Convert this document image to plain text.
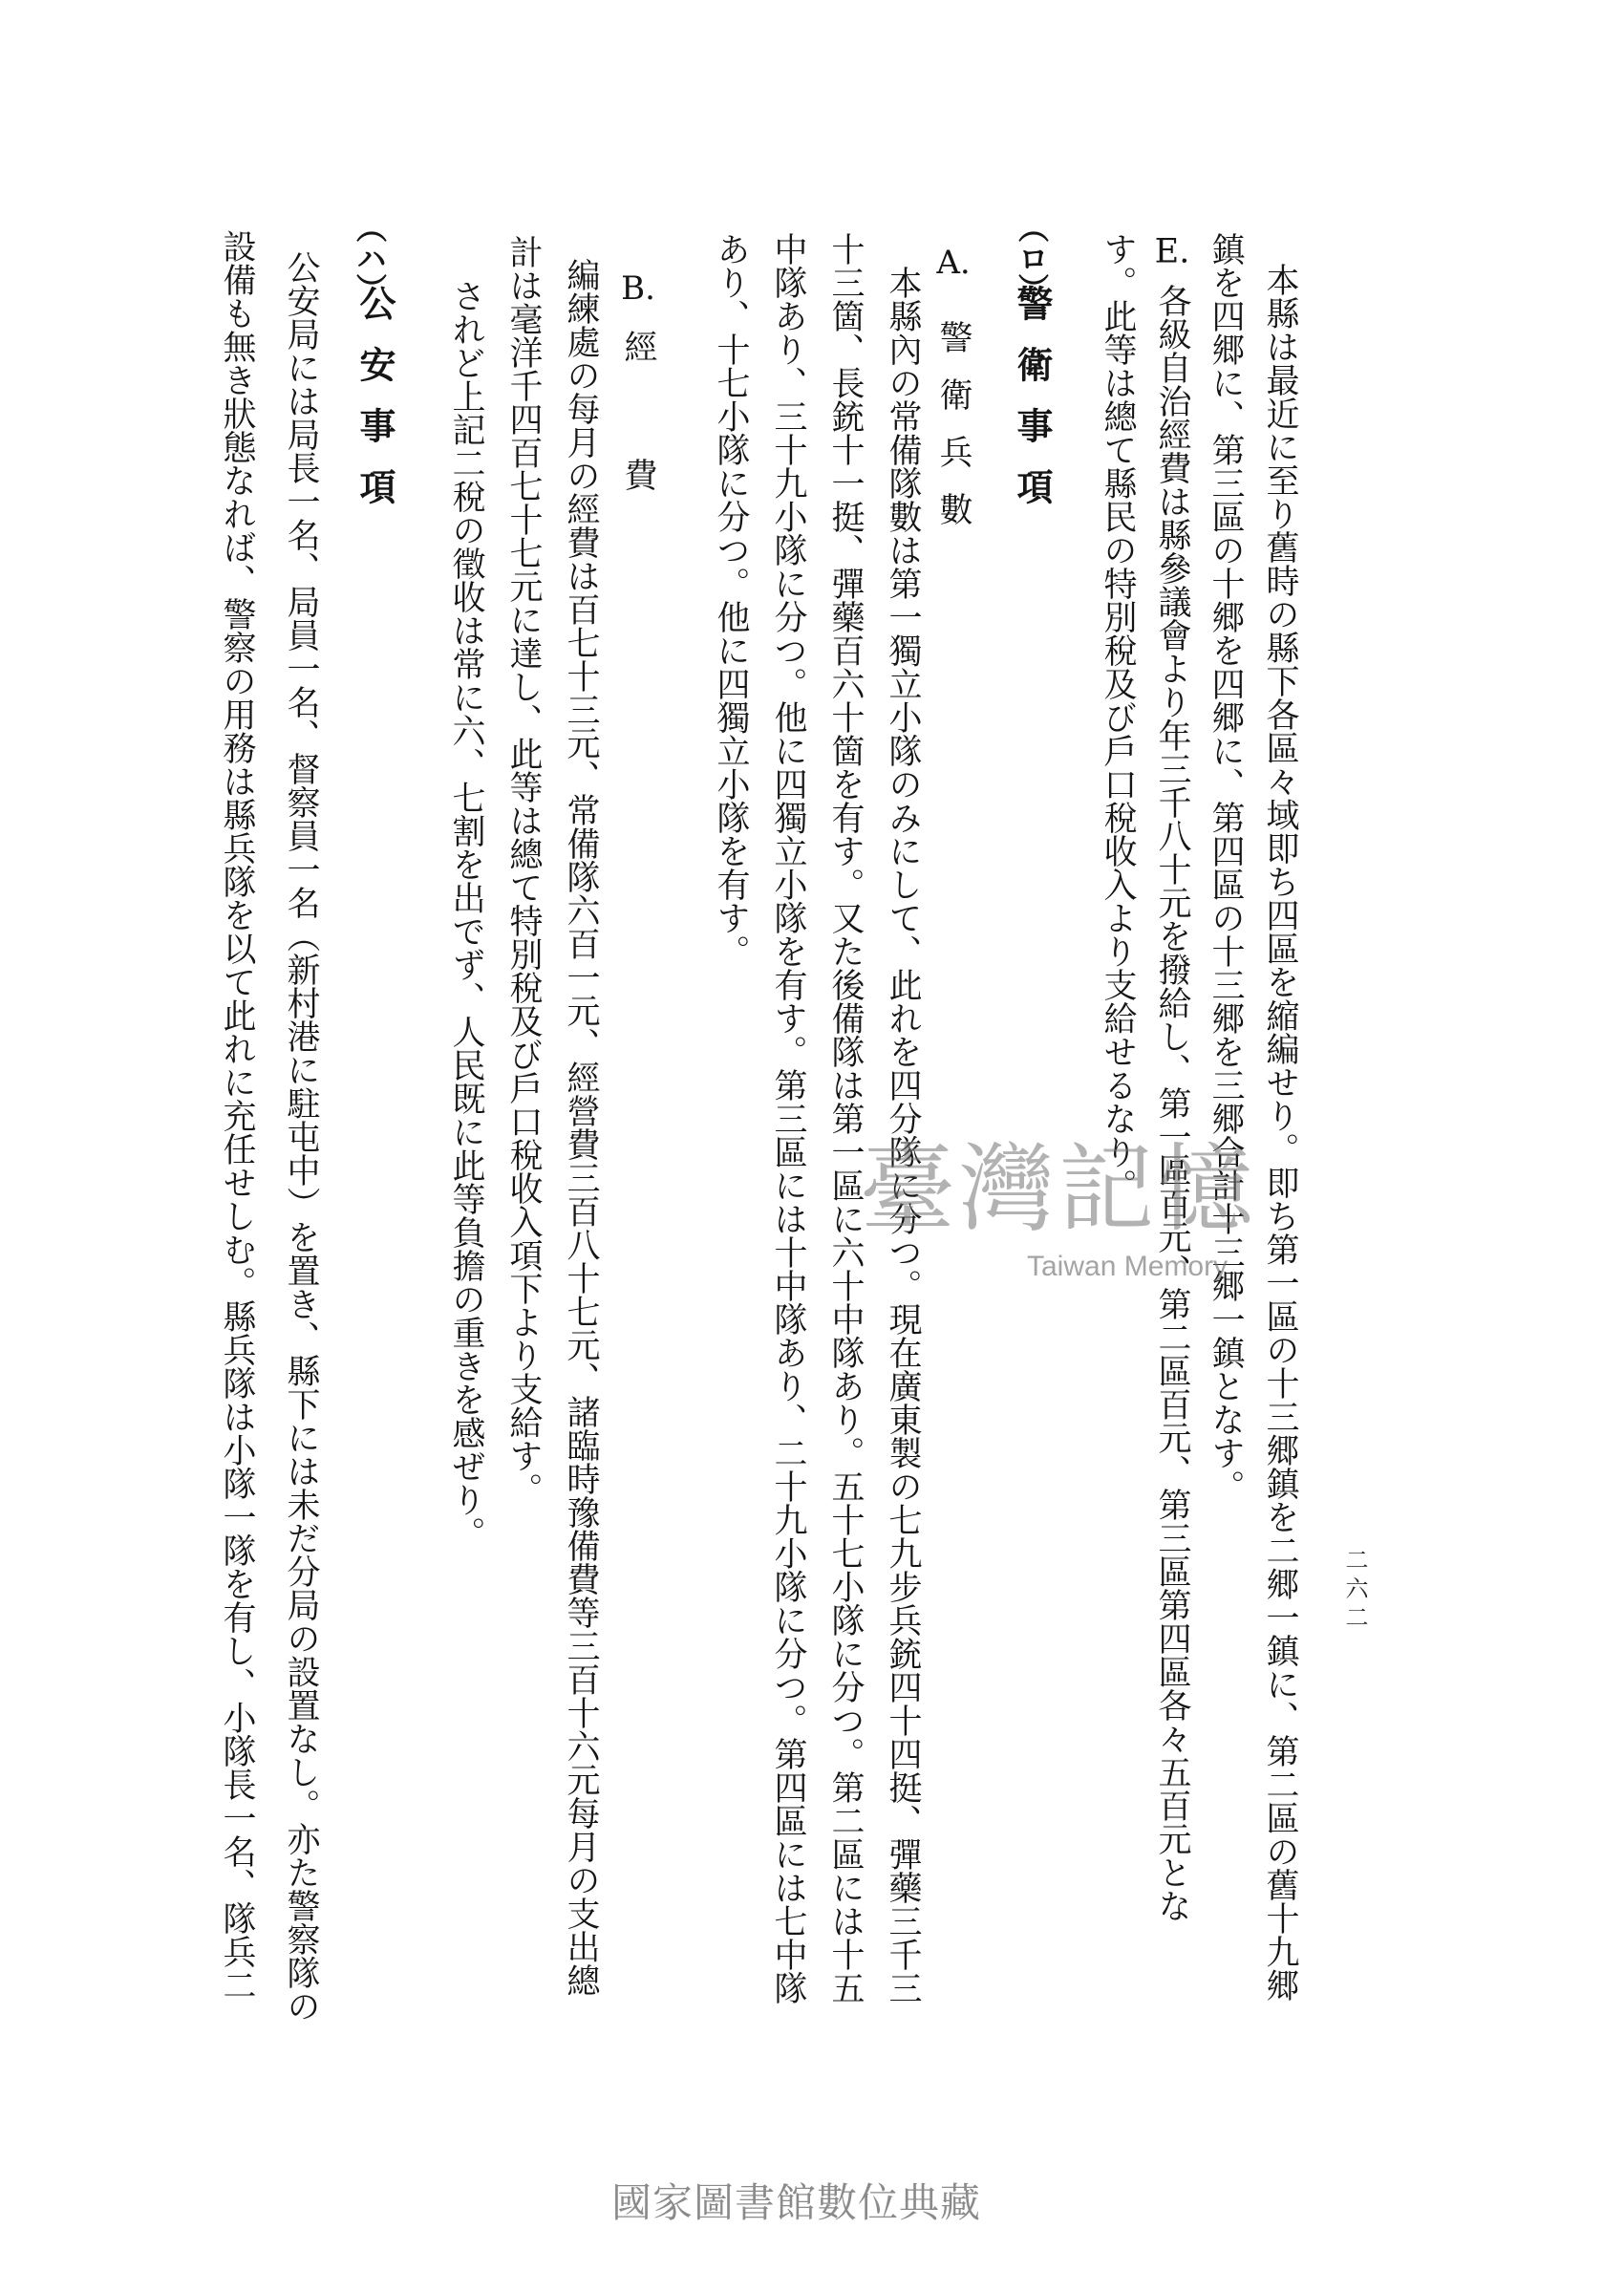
二六二
本縣は最近に至り舊時の縣下各區々域即ち四區を縮編せり。即ち第一區の十三郷鎮を二郷一鎮に、第二區の舊十九郷
鎮を四郷に、第三區の十郷を四郷に、第四區の十三郷を三郷合計十三郷一鎮となす。
E.各級自治經費は縣參議會より年三千八十元を撥給し、第一區百元、第二區百元、第三區第四區各々五百元とな
す。此等は總て縣民の特別稅及び戶口稅收入より支給せるなり。
（ロ）
警衛事項
A.
警衛兵數
本縣內の常備隊數は第一獨立小隊のみにして、此れを四分隊に分つ。現在廣東製の七九步兵銃四十四挺、彈藥三千三
十三箇、長銃十一挺、彈藥百六十箇を有す。又た後備隊は第一區に六十中隊あり。五十七小隊に分つ。第二區には十五
中隊あり、三十九小隊に分つ。他に四獨立小隊を有す。第三區には十中隊あり、二十九小隊に分つ。第四區には七中隊
あり、十七小隊に分つ。他に四獨立小隊を有す。
B.
經　費
編練處の每月の經費は百七十三元、常備隊六百一元、經營費三百八十七元、諸臨時豫備費等三百十六元每月の支出總
計は毫洋千四百七十七元に達し、此等は總て特別稅及び戶口稅收入項下より支給す。
されど上記二稅の徵收は常に六、七割を出でず、人民既に此等負擔の重きを感ぜり。
（ハ）
公安事項
公安局には局長一名、局員一名、督察員一名（新村港に駐屯中）を置き、縣下には未だ分局の設置なし。亦た警察隊の
設備も無き狀態なれば、警察の用務は縣兵隊を以て此れに充任せしむ。縣兵隊は小隊一隊を有し、小隊長一名、隊兵二	臺灣記憶
Taiwan Memory
國家圖書館數位典藏
